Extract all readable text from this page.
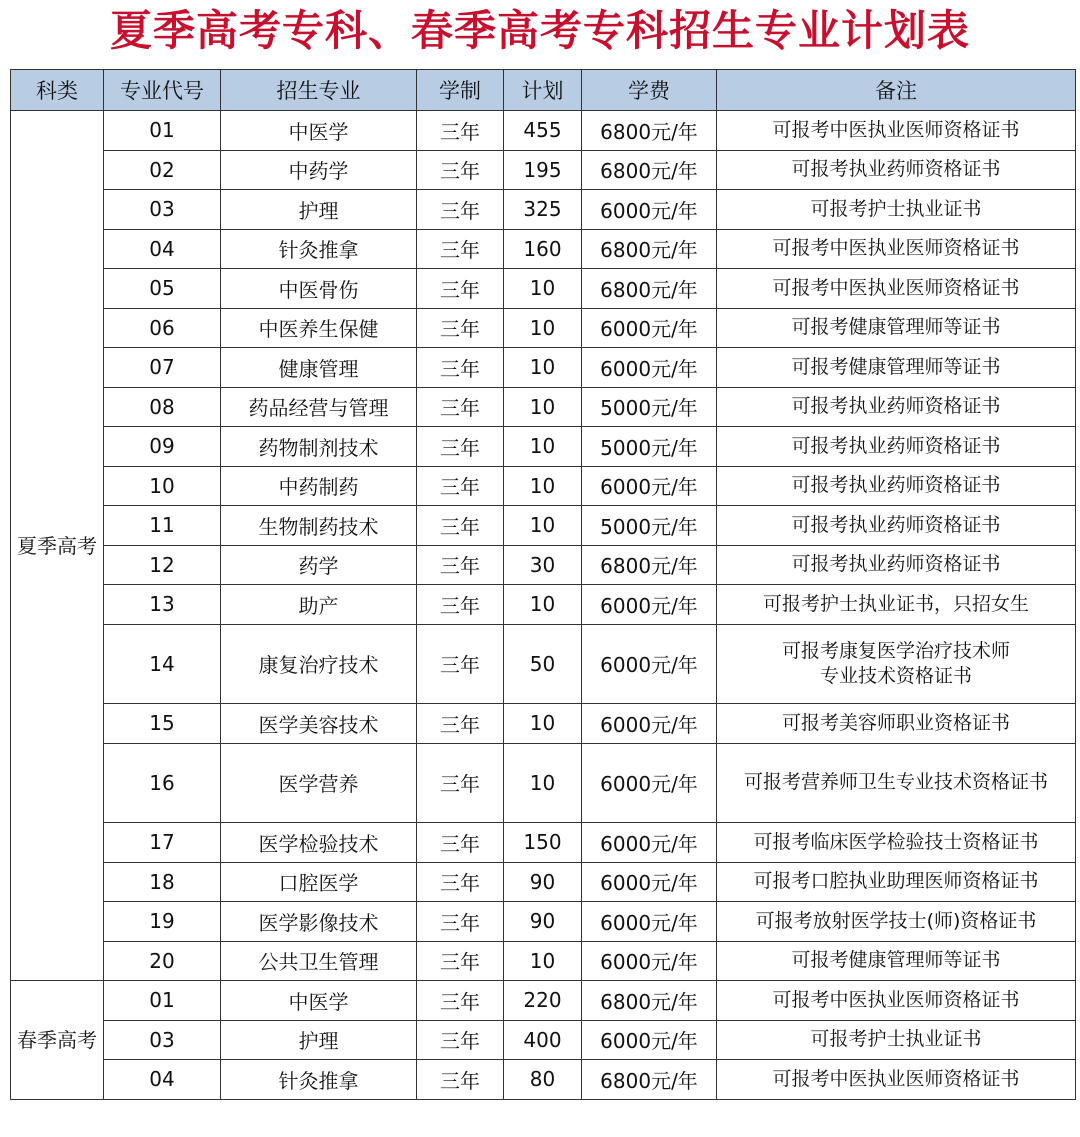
夏季高考专科、春季高考专科招生专业计划表
科类	专业代号	招生专业	学制	计划	学费	备注
夏季高考	01	中医学	三年	455	6800元/年	可报考中医执业医师资格证书
	02	中药学	三年	195	6800元/年	可报考执业药师资格证书
	03	护理	三年	325	6000元/年	可报考护士执业证书
	04	针灸推拿	三年	160	6800元/年	可报考中医执业医师资格证书
	05	中医骨伤	三年	10	6800元/年	可报考中医执业医师资格证书
	06	中医养生保健	三年	10	6000元/年	可报考健康管理师等证书
	07	健康管理	三年	10	6000元/年	可报考健康管理师等证书
	08	药品经营与管理	三年	10	5000元/年	可报考执业药师资格证书
	09	药物制剂技术	三年	10	5000元/年	可报考执业药师资格证书
	10	中药制药	三年	10	6000元/年	可报考执业药师资格证书
	11	生物制药技术	三年	10	5000元/年	可报考执业药师资格证书
	12	药学	三年	30	6800元/年	可报考执业药师资格证书
	13	助产	三年	10	6000元/年	可报考护士执业证书，只招女生
	14	康复治疗技术	三年	50	6000元/年	可报考康复医学治疗技术师
专业技术资格证书

	15	医学美容技术	三年	10	6000元/年	可报考美容师职业资格证书
	16	医学营养	三年	10	6000元/年	可报考营养师卫生专业技术资格证书
	17	医学检验技术	三年	150	6000元/年	可报考临床医学检验技士资格证书
	18	口腔医学	三年	90	6000元/年	可报考口腔执业助理医师资格证书
	19	医学影像技术	三年	90	6000元/年	可报考放射医学技士(师)资格证书
	20	公共卫生管理	三年	10	6000元/年	可报考健康管理师等证书
春季高考	01	中医学	三年	220	6800元/年	可报考中医执业医师资格证书
	03	护理	三年	400	6000元/年	可报考护士执业证书
	04	针灸推拿	三年	80	6800元/年	可报考中医执业医师资格证书
